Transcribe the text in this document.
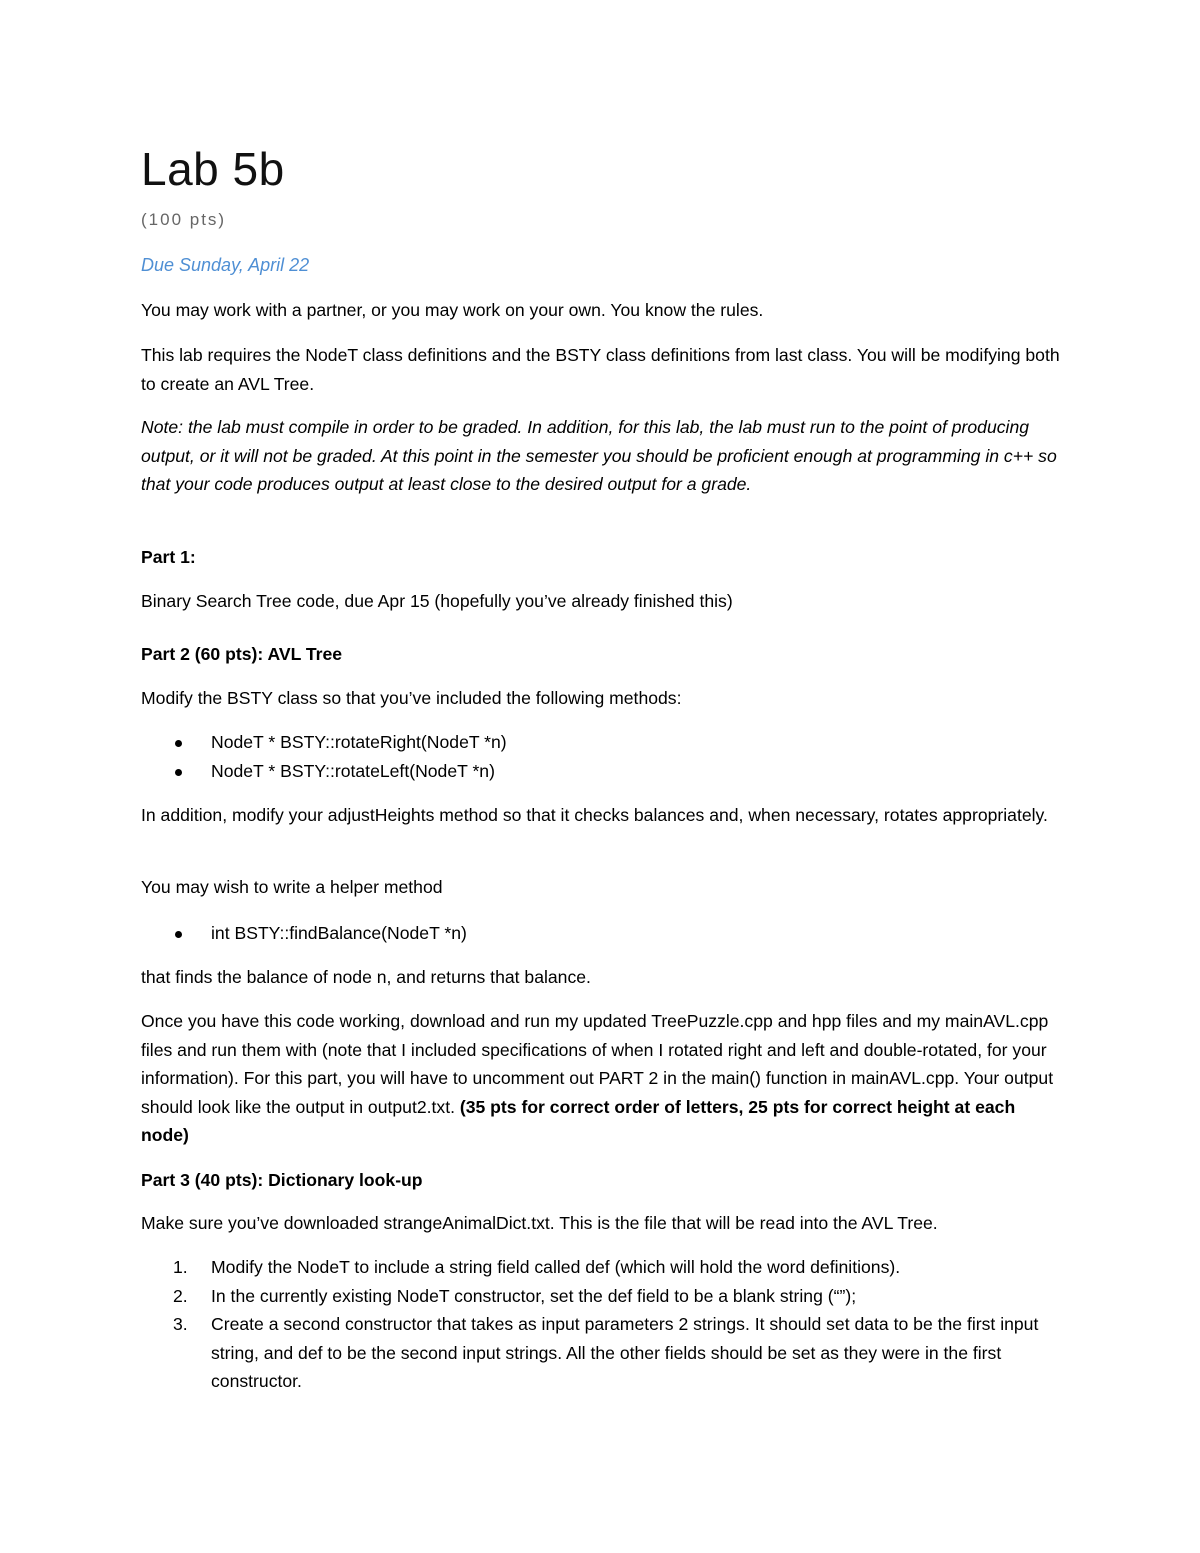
Lab 5b
(100 pts)
Due Sunday, April 22

You may work with a partner, or you may work on your own. You know the rules.

This lab requires the NodeT class definitions and the BSTY class definitions from last class. You will be modifying both to create an AVL Tree.

Note: the lab must compile in order to be graded. In addition, for this lab, the lab must run to the point of producing output, or it will not be graded. At this point in the semester you should be proficient enough at programming in c++ so that your code produces output at least close to the desired output for a grade.

Part 1:

Binary Search Tree code, due Apr 15 (hopefully you’ve already finished this)

Part 2 (60 pts): AVL Tree

Modify the BSTY class so that you’ve included the following methods:

NodeT * BSTY::rotateRight(NodeT *n)
NodeT * BSTY::rotateLeft(NodeT *n)

In addition, modify your adjustHeights method so that it checks balances and, when necessary, rotates appropriately.

You may wish to write a helper method

int BSTY::findBalance(NodeT *n)

that finds the balance of node n, and returns that balance.

Once you have this code working, download and run my updated TreePuzzle.cpp and hpp files and my mainAVL.cpp files and run them with (note that I included specifications of when I rotated right and left and double-rotated, for your information). For this part, you will have to uncomment out PART 2 in the main() function in mainAVL.cpp. Your output should look like the output in output2.txt. (35 pts for correct order of letters, 25 pts for correct height at each node)

Part 3 (40 pts): Dictionary look-up

Make sure you’ve downloaded strangeAnimalDict.txt. This is the file that will be read into the AVL Tree.

1. Modify the NodeT to include a string field called def (which will hold the word definitions).
2. In the currently existing NodeT constructor, set the def field to be a blank string (“”);
3. Create a second constructor that takes as input parameters 2 strings. It should set data to be the first input string, and def to be the second input strings. All the other fields should be set as they were in the first constructor.
